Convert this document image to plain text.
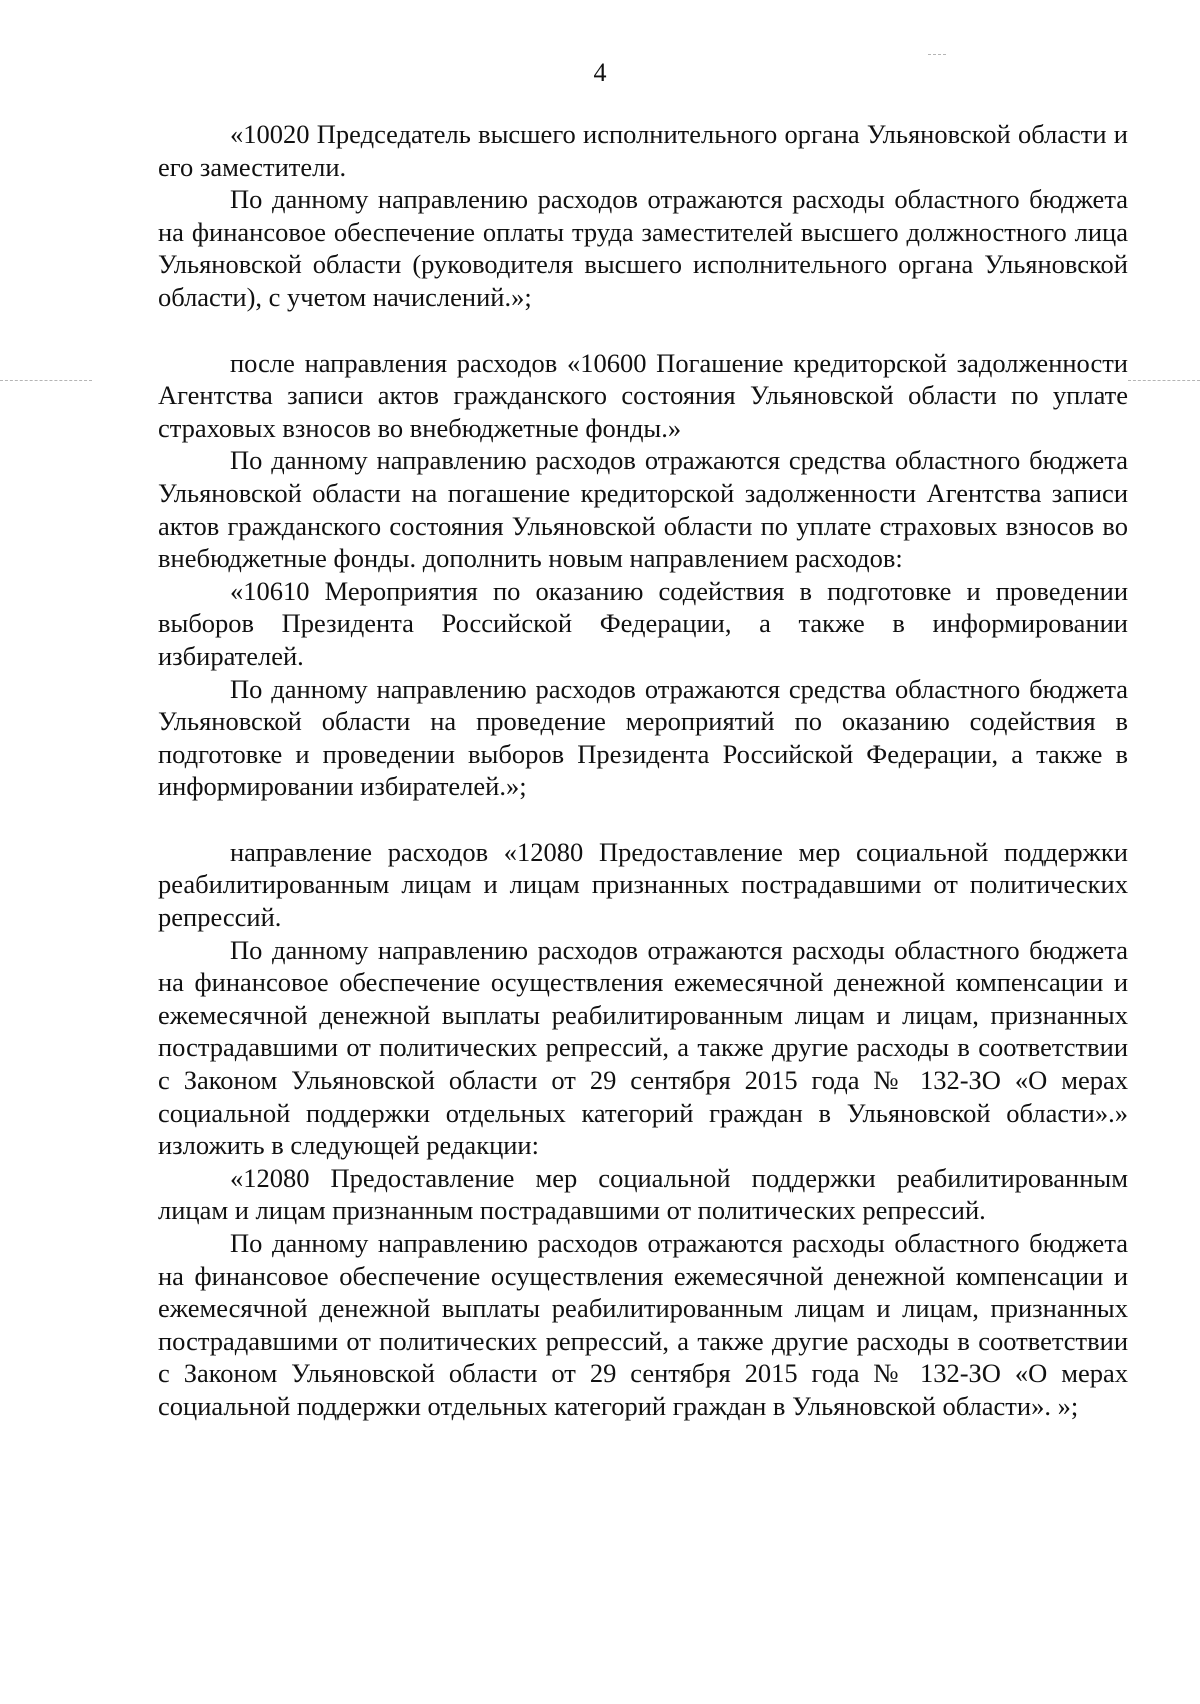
4

«10020 Председатель высшего исполнительного органа Ульяновской области и его заместители.

По данному направлению расходов отражаются расходы областного бюджета на финансовое обеспечение оплаты труда заместителей высшего должностного лица Ульяновской области (руководителя высшего исполнительного органа Ульяновской области), с учетом начислений.»;

после направления расходов «10600 Погашение кредиторской задолженности Агентства записи актов гражданского состояния Ульяновской области по уплате страховых взносов во внебюджетные фонды.»

По данному направлению расходов отражаются средства областного бюджета Ульяновской области на погашение кредиторской задолженности Агентства записи актов гражданского состояния Ульяновской области по уплате страховых взносов во внебюджетные фонды. дополнить новым направлением расходов:

«10610 Мероприятия по оказанию содействия в подготовке и проведении выборов Президента Российской Федерации, а также в информировании избирателей.

По данному направлению расходов отражаются средства областного бюджета Ульяновской области на проведение мероприятий по оказанию содействия в подготовке и проведении выборов Президента Российской Федерации, а также в информировании избирателей.»;

направление расходов «12080 Предоставление мер социальной поддержки реабилитированным лицам и лицам признанных пострадавшими от политических репрессий.

По данному направлению расходов отражаются расходы областного бюджета на финансовое обеспечение осуществления ежемесячной денежной компенсации и ежемесячной денежной выплаты реабилитированным лицам и лицам, признанных пострадавшими от политических репрессий, а также другие расходы в соответствии с Законом Ульяновской области от 29 сентября 2015 года № 132-ЗО «О мерах социальной поддержки отдельных категорий граждан в Ульяновской области».» изложить в следующей редакции:

«12080 Предоставление мер социальной поддержки реабилитированным лицам и лицам признанным пострадавшими от политических репрессий.

По данному направлению расходов отражаются расходы областного бюджета на финансовое обеспечение осуществления ежемесячной денежной компенсации и ежемесячной денежной выплаты реабилитированным лицам и лицам, признанных пострадавшими от политических репрессий, а также другие расходы в соответствии с Законом Ульяновской области от 29 сентября 2015 года № 132-ЗО «О мерах социальной поддержки отдельных категорий граждан в Ульяновской области». »;
